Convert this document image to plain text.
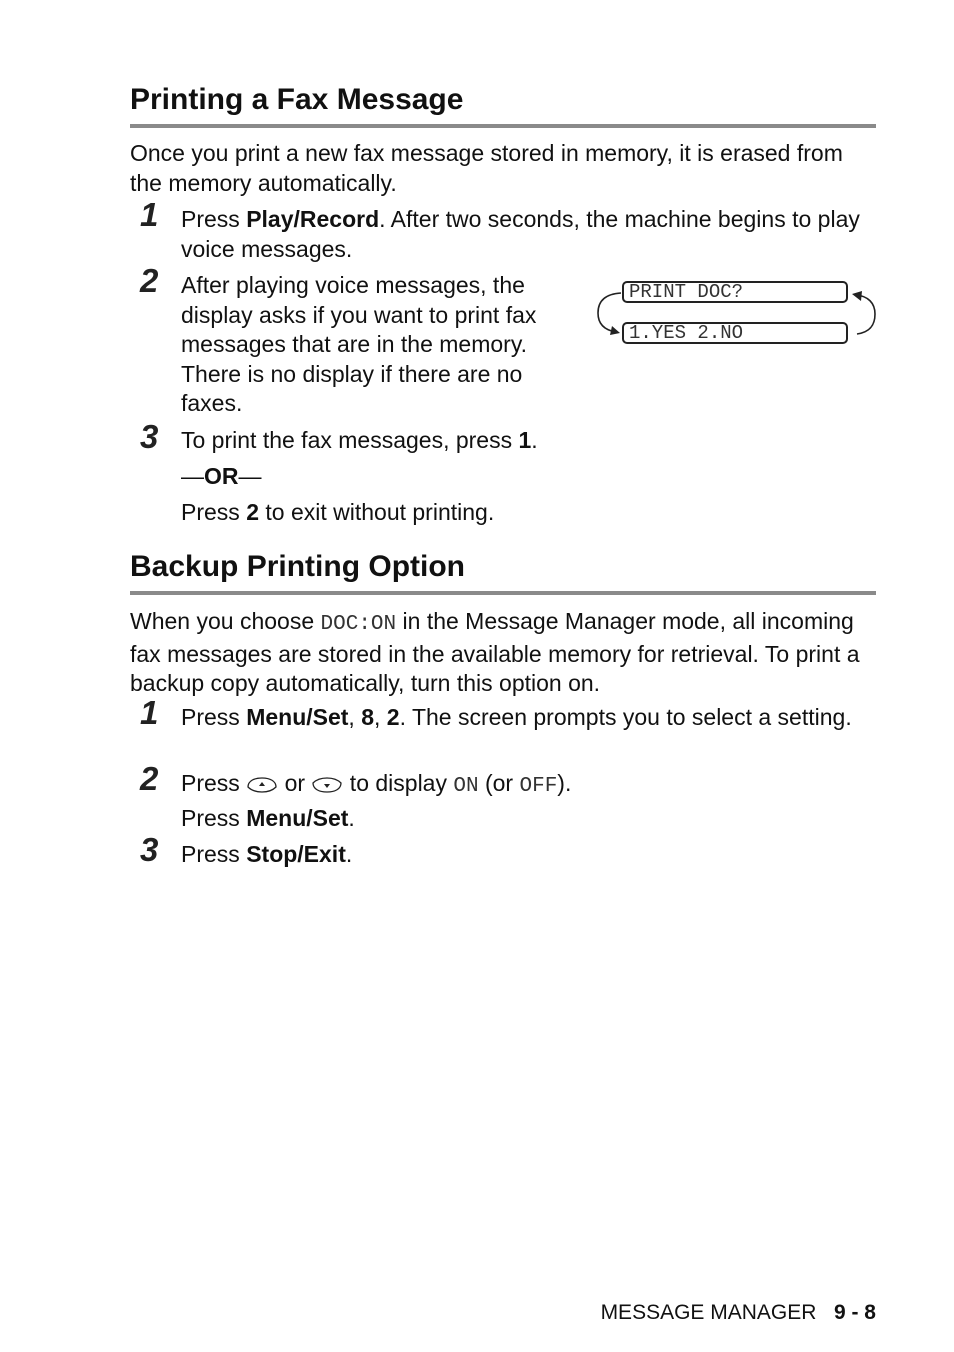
Printing a Fax Message
Once you print a new fax message stored in memory, it is erased from the memory automatically.
1 Press Play/Record. After two seconds, the machine begins to play voice messages.
2 After playing voice messages, the display asks if you want to print fax messages that are in the memory. There is no display if there are no faxes.
PRINT DOC?
1.YES 2.NO
3 To print the fax messages, press 1.
—OR—
Press 2 to exit without printing.
Backup Printing Option
When you choose DOC:ON in the Message Manager mode, all incoming fax messages are stored in the available memory for retrieval. To print a backup copy automatically, turn this option on.
1 Press Menu/Set, 8, 2. The screen prompts you to select a setting.
2 Press  or  to display ON (or OFF).
Press Menu/Set.
3 Press Stop/Exit.
MESSAGE MANAGER 9 - 8
